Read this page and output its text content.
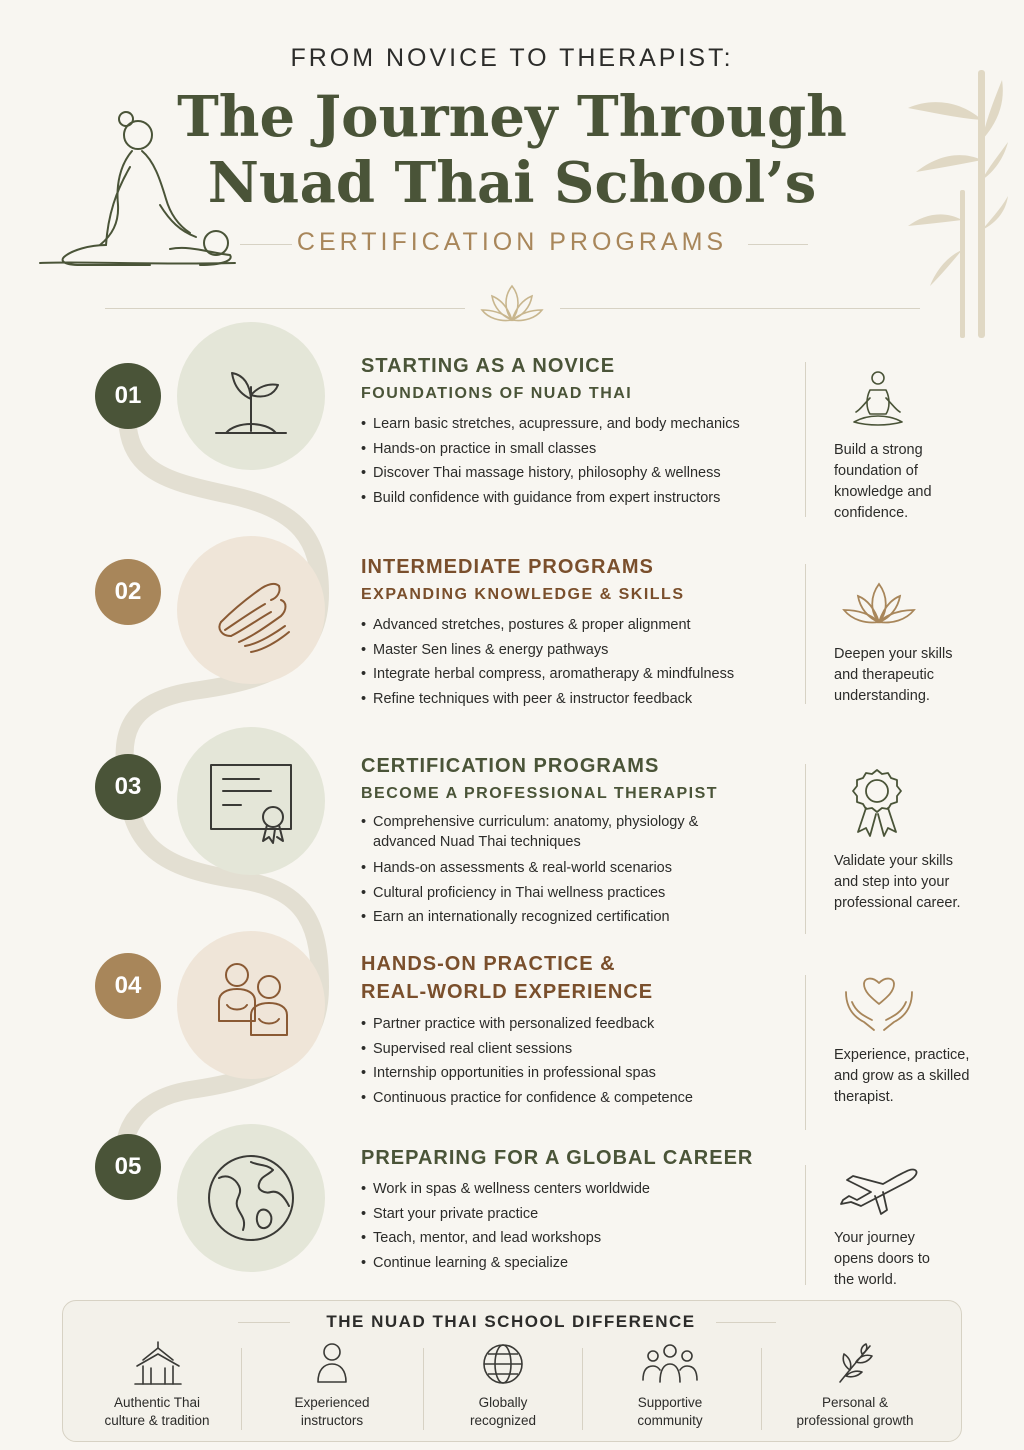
FROM NOVICE TO THERAPIST:
The Journey Through
Nuad Thai School’s
CERTIFICATION PROGRAMS
01
STARTING AS A NOVICE
FOUNDATIONS OF NUAD THAI
• Learn basic stretches, acupressure, and body mechanics
• Hands-on practice in small classes
• Discover Thai massage history, philosophy & wellness
• Build confidence with guidance from expert instructors
Build a strong foundation of knowledge and confidence.
02
INTERMEDIATE PROGRAMS
EXPANDING KNOWLEDGE & SKILLS
• Advanced stretches, postures & proper alignment
• Master Sen lines & energy pathways
• Integrate herbal compress, aromatherapy & mindfulness
• Refine techniques with peer & instructor feedback
Deepen your skills and therapeutic understanding.
03
CERTIFICATION PROGRAMS
BECOME A PROFESSIONAL THERAPIST
• Comprehensive curriculum: anatomy, physiology & advanced Nuad Thai techniques
• Hands-on assessments & real-world scenarios
• Cultural proficiency in Thai wellness practices
• Earn an internationally recognized certification
Validate your skills and step into your professional career.
04
HANDS-ON PRACTICE &
REAL-WORLD EXPERIENCE
• Partner practice with personalized feedback
• Supervised real client sessions
• Internship opportunities in professional spas
• Continuous practice for confidence & competence
Experience, practice, and grow as a skilled therapist.
05	PREPARING FOR A GLOBAL CAREER
• Work in spas & wellness centers worldwide
• Start your private practice
• Teach, mentor, and lead workshops
• Continue learning & specialize
Your journey opens doors to the world.
THE NUAD THAI SCHOOL DIFFERENCE
Authentic Thai
culture & tradition
Experienced
instructors
Globally
recognized
Supportive
community
Personal &
professional growth
